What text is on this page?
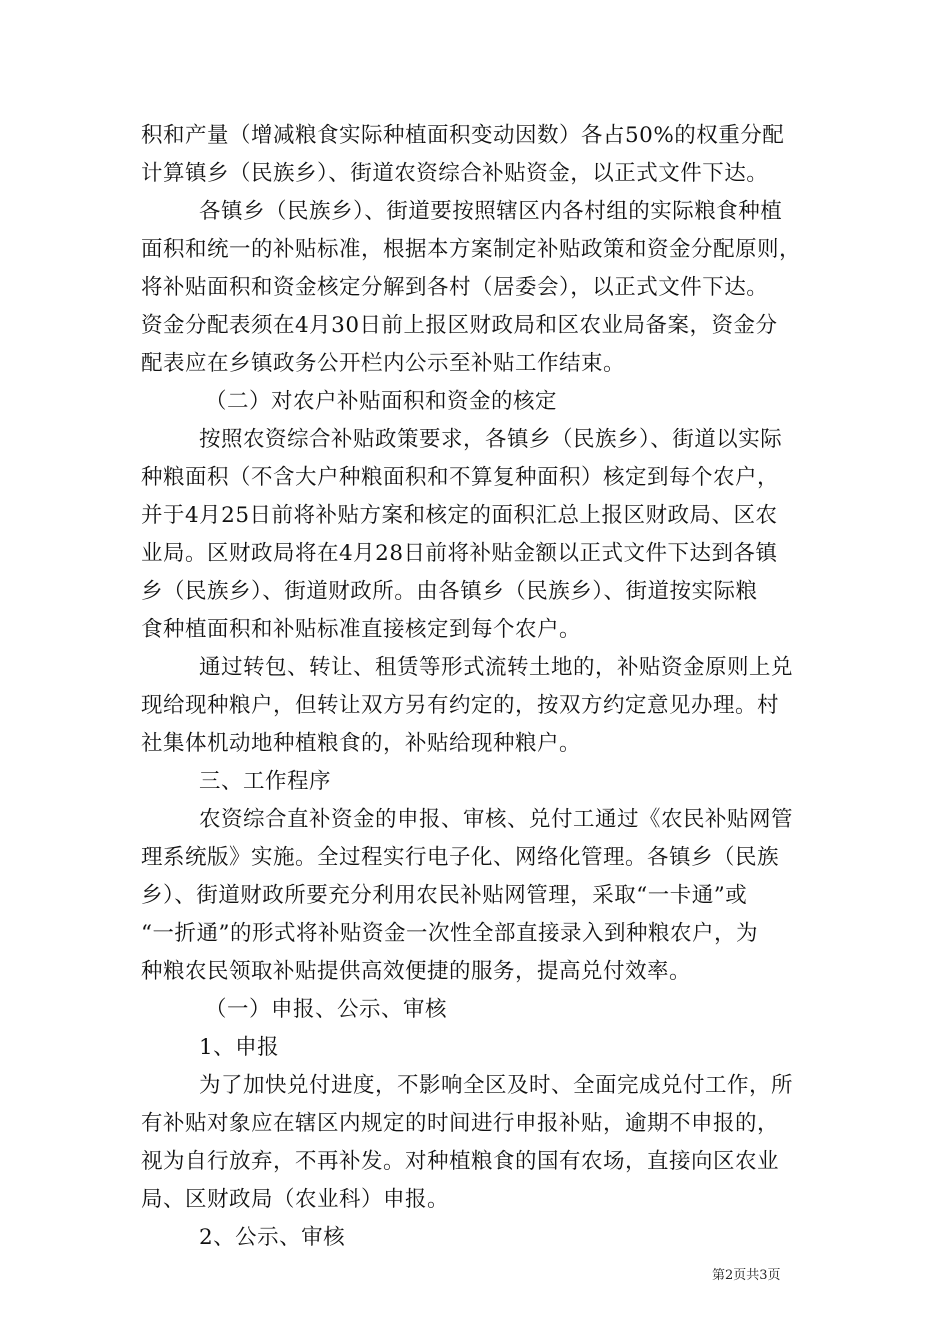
积和产量（增减粮食实际种植面积变动因数）各占50%的权重分配
计算镇乡（民族乡）、街道农资综合补贴资金，以正式文件下达。
各镇乡（民族乡）、街道要按照辖区内各村组的实际粮食种植
面积和统一的补贴标准，根据本方案制定补贴政策和资金分配原则，
将补贴面积和资金核定分解到各村（居委会），以正式文件下达。
资金分配表须在4月30日前上报区财政局和区农业局备案，资金分
配表应在乡镇政务公开栏内公示至补贴工作结束。
（二）对农户补贴面积和资金的核定
按照农资综合补贴政策要求，各镇乡（民族乡）、街道以实际
种粮面积（不含大户种粮面积和不算复种面积）核定到每个农户，
并于4月25日前将补贴方案和核定的面积汇总上报区财政局、区农
业局。区财政局将在4月28日前将补贴金额以正式文件下达到各镇
乡（民族乡）、街道财政所。由各镇乡（民族乡）、街道按实际粮
食种植面积和补贴标准直接核定到每个农户。
通过转包、转让、租赁等形式流转土地的，补贴资金原则上兑
现给现种粮户，但转让双方另有约定的，按双方约定意见办理。村
社集体机动地种植粮食的，补贴给现种粮户。
三、工作程序
农资综合直补资金的申报、审核、兑付工通过《农民补贴网管
理系统版》实施。全过程实行电子化、网络化管理。各镇乡（民族
乡）、街道财政所要充分利用农民补贴网管理，采取“一卡通”或
“一折通”的形式将补贴资金一次性全部直接录入到种粮农户，为
种粮农民领取补贴提供高效便捷的服务，提高兑付效率。
（一）申报、公示、审核
1、申报
为了加快兑付进度，不影响全区及时、全面完成兑付工作，所
有补贴对象应在辖区内规定的时间进行申报补贴，逾期不申报的，
视为自行放弃，不再补发。对种植粮食的国有农场，直接向区农业
局、区财政局（农业科）申报。
2、公示、审核
第2页共3页
